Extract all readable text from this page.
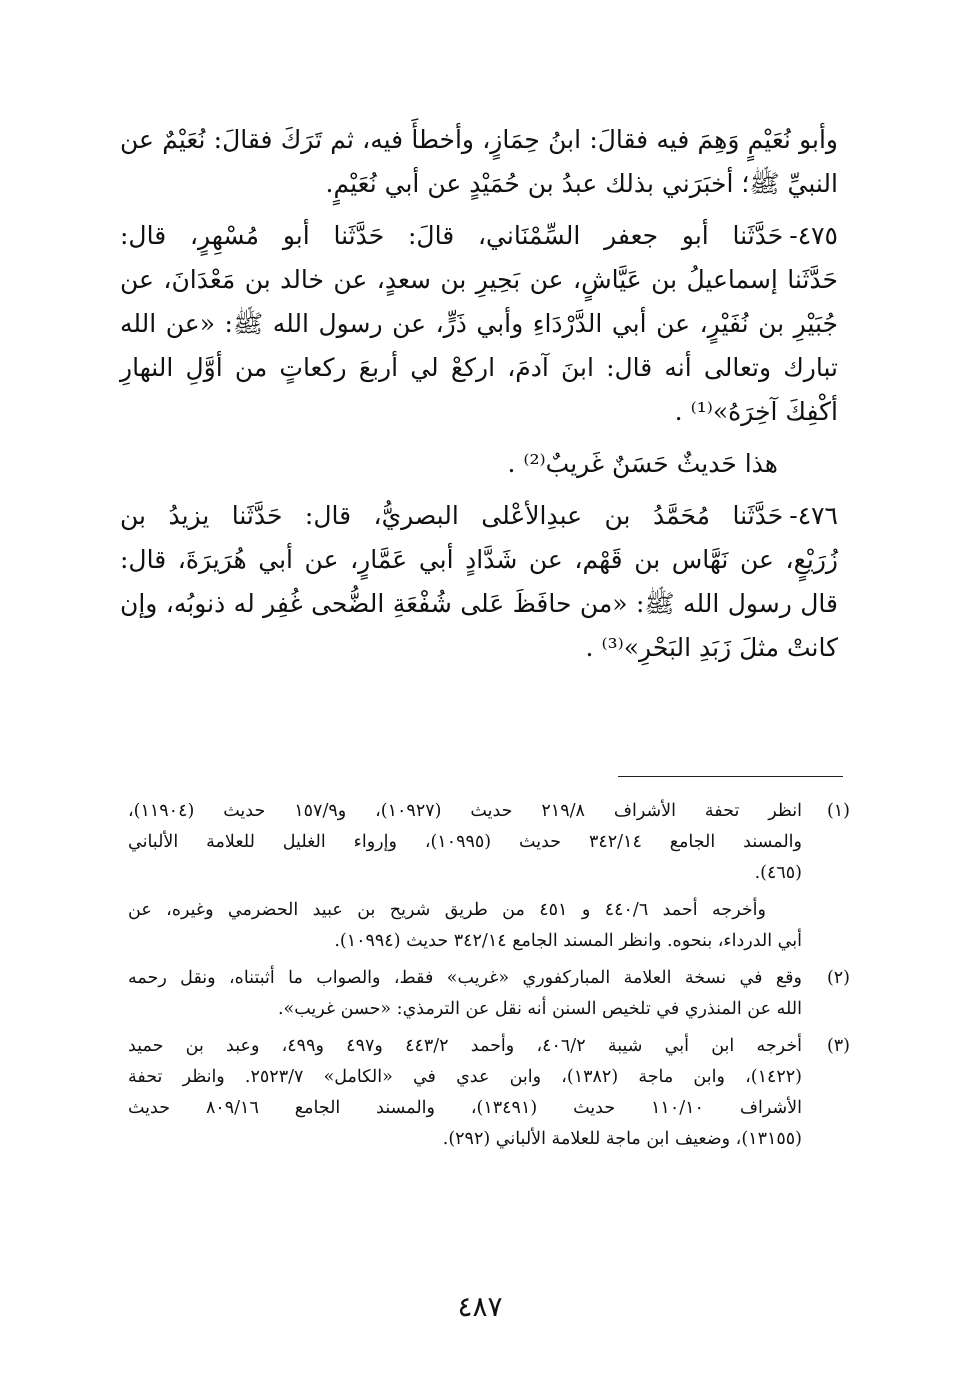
وأبو نُعَيْمٍ وَهِمَ فيه فقالَ: ابنُ حِمَازٍ، وأخطأَ فيه، ثم تَرَكَ فقالَ: نُعَيْمٌ عن
النبيِّ ﷺ؛ أخبَرَني بذلك عبدُ بن حُمَيْدٍ عن أبي نُعَيْمٍ.
٤٧٥-حَدَّثَنا أبو جعفر السِّمْنَاني، قالَ: حَدَّثَنا أبو مُسْهِرٍ، قال:
حَدَّثَنا إسماعيلُ بن عَيَّاشٍ، عن بَحِيرِ بن سعدٍ، عن خالد بن مَعْدَانَ، عن
جُبَيْرِ بن نُفَيْرٍ، عن أبي الدَّرْدَاءِ وأبي ذَرٍّ، عن رسول الله ﷺ: «عن الله
تبارك وتعالى أنه قال: ابنَ آدمَ، اركعْ لي أربعَ ركعاتٍ من أوَّلِ النهارِ
أكْفِكَ آخِرَهُ»⁽¹⁾ .
هذا حَديثٌ حَسَنٌ غَريبٌ⁽²⁾ .
٤٧٦-حَدَّثَنا مُحَمَّدُ بن عبدِالأعْلى البصريُّ، قال: حَدَّثَنا يزيدُ بن
زُرَيْعٍ، عن نَهَّاس بن قَهْم، عن شَدَّادٍ أبي عَمَّارٍ، عن أبي هُرَيرَةَ، قال:
قال رسول الله ﷺ: «من حافَظَ عَلى شُفْعَةِ الضُّحى غُفِر له ذنوبُه، وإن
كانتْ مثلَ زَبَدِ البَحْرِ»⁽³⁾ .
(١)
انظر تحفة الأشراف ٢١٩/٨ حديث (١٠٩٢٧)، و١٥٧/٩ حديث (١١٩٠٤)،
والمسند الجامع ٣٤٢/١٤ حديث (١٠٩٩٥)، وإرواء الغليل للعلامة الألباني
(٤٦٥).
وأخرجه أحمد ٤٤٠/٦ و ٤٥١ من طريق شريح بن عبيد الحضرمي وغيره، عن
أبي الدرداء، بنحوه. وانظر المسند الجامع ٣٤٢/١٤ حديث (١٠٩٩٤).
(٢)
وقع في نسخة العلامة المباركفوري «غريب» فقط، والصواب ما أثبتناه، ونقل رحمه
الله عن المنذري في تلخيص السنن أنه نقل عن الترمذي: «حسن غريب».
(٣)
أخرجه ابن أبي شيبة ٤٠٦/٢، وأحمد ٤٤٣/٢ و٤٩٧ و٤٩٩، وعبد بن حميد
(١٤٢٢)، وابن ماجة (١٣٨٢)، وابن عدي في «الكامل» ٢٥٢٣/٧. وانظر تحفة
الأشراف ١١٠/١٠ حديث (١٣٤٩١)، والمسند الجامع ٨٠٩/١٦ حديث
(١٣١٥٥)، وضعيف ابن ماجة للعلامة الألباني (٢٩٢).
٤٨٧
